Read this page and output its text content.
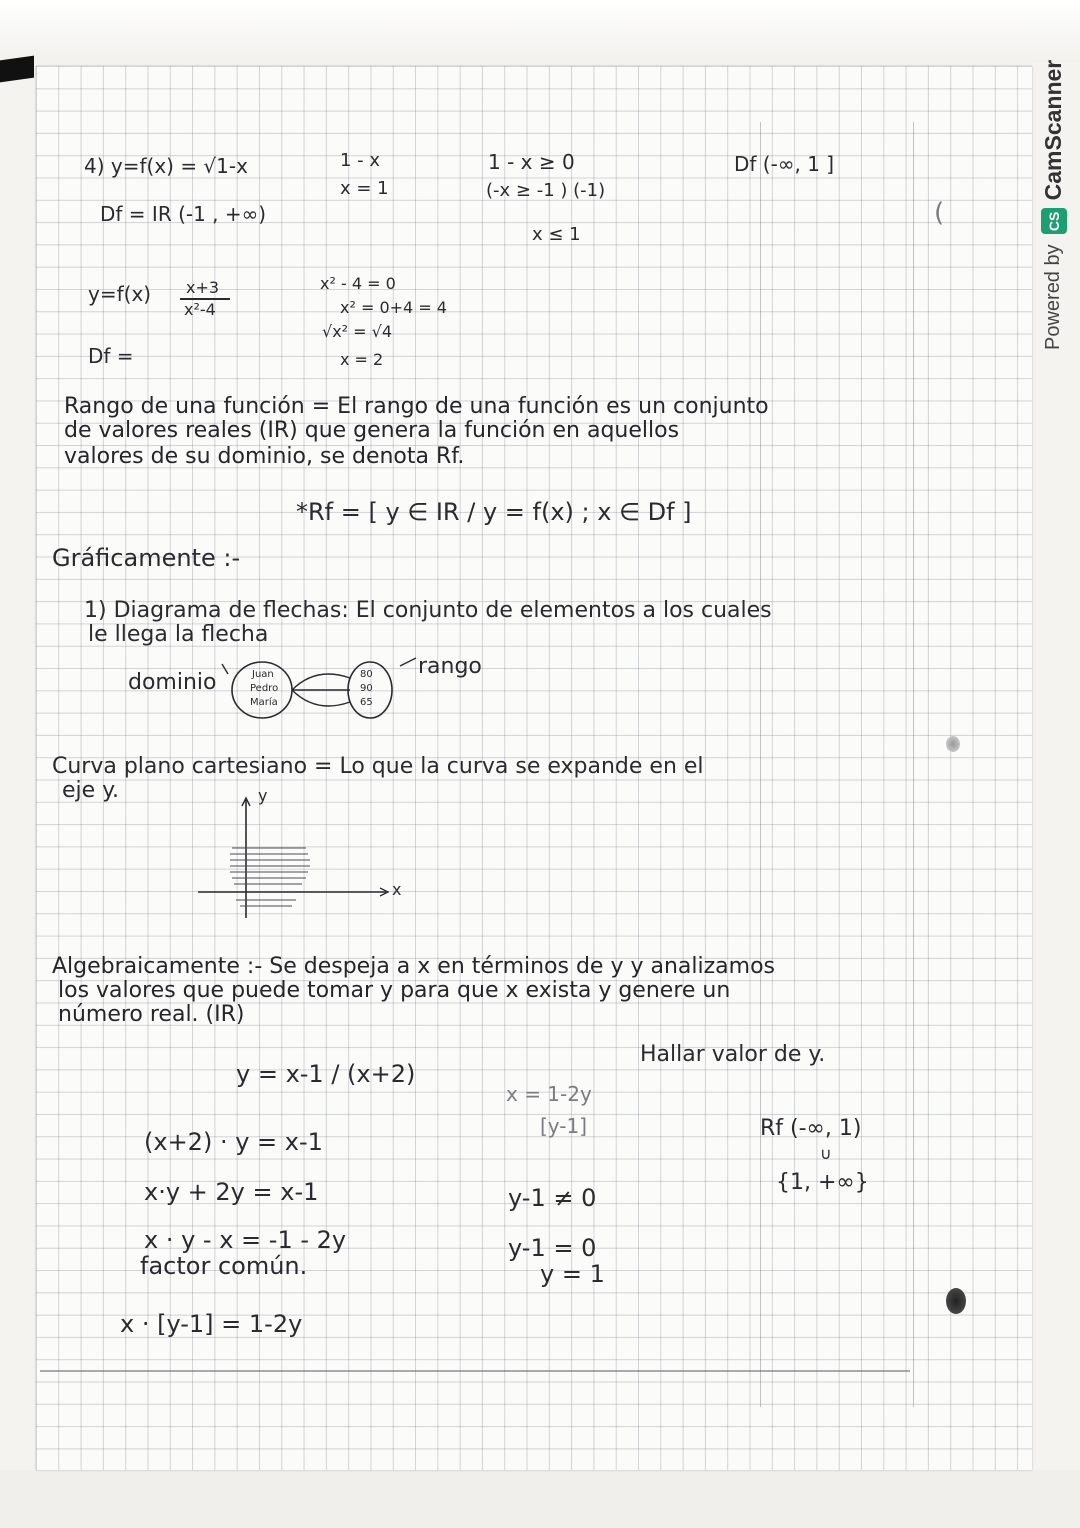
(
Powered by
CS
CamScanner
4) y=f(x) = √1-x
Df = IR (-1 , +∞)
1 - x
x = 1
1 - x ≥ 0
(-x ≥ -1 ) (-1)
x ≤ 1
Df (-∞, 1 ]
y=f(x) x+3
x²-4
Df =
x² - 4 = 0
x² = 0+4 = 4
√x² = √4
x = 2
Rango de una función = El rango de una función es un conjunto
de valores reales (IR) que genera la función en aquellos
valores de su dominio, se denota Rf.
*Rf = [ y ∈ IR / y = f(x) ; x ∈ Df ]
Gráficamente :-
1) Diagrama de flechas: El conjunto de elementos a los cuales
le llega la flecha
dominio
rango
Juan
Pedro
María
80
90
65
Curva plano cartesiano = Lo que la curva se expande en el
eje y.	y
x
Algebraicamente :- Se despeja a x en términos de y y analizamos
los valores que puede tomar y para que x exista y genere un
número real. (IR)
Hallar valor de y.
y = x-1 / (x+2)
(x+2) · y = x-1
x·y + 2y = x-1
x · y - x = -1 - 2y
factor común.
x · [y-1] = 1-2y
x = 1-2y
[y-1]
y-1 ≠ 0
y-1 = 0
y = 1
Rf (-∞, 1)
∪
{1, +∞}
